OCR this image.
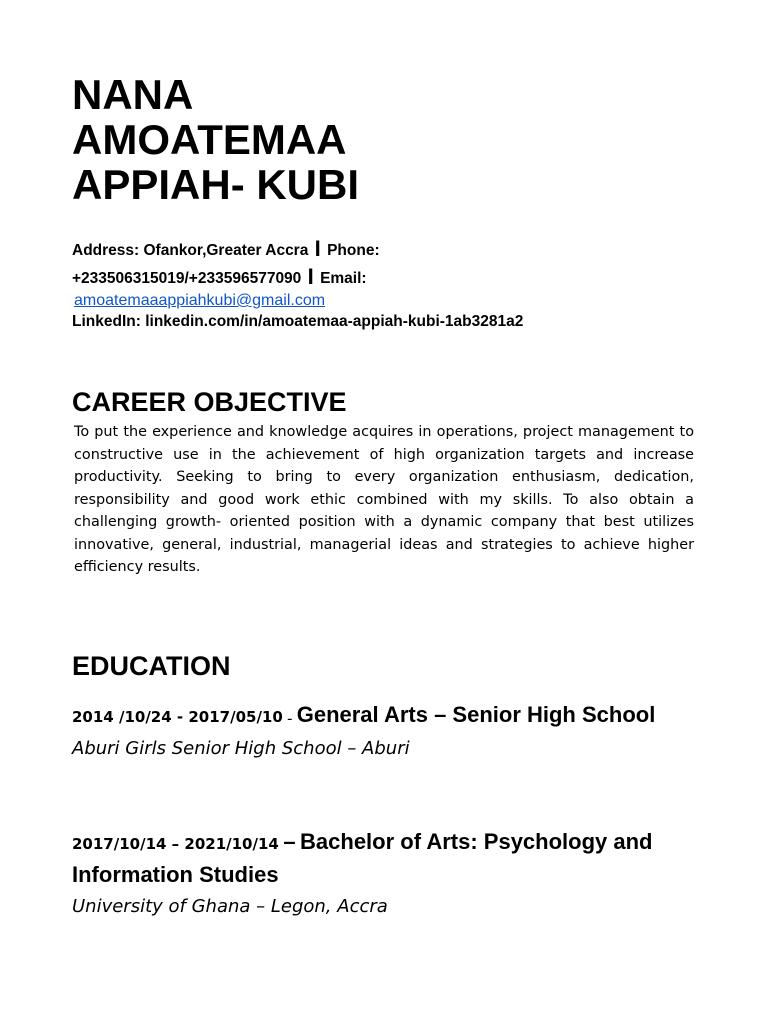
NANA
AMOATEMAA
APPIAH- KUBI
Address: Ofankor,Greater Accra I Phone:
+233506315019/+233596577090 I Email:
amoatemaaappiahkubi@gmail.com
LinkedIn: linkedin.com/in/amoatemaa-appiah-kubi-1ab3281a2
CAREER OBJECTIVE

To put the experience and knowledge acquires in operations, project management to constructive use in the achievement of high organization targets and increase productivity. Seeking to bring to every organization enthusiasm, dedication, responsibility and good work ethic combined with my skills. To also obtain a challenging growth- oriented position with a dynamic company that best utilizes innovative, general, industrial, managerial ideas and strategies to achieve higher efficiency results.

EDUCATION

2014 /10/24 - 2017/05/10 – General Arts – Senior High School

Aburi Girls Senior High School – Aburi

2017/10/14 – 2021/10/14 – Bachelor of Arts: Psychology and Information Studies

University of Ghana – Legon, Accra
